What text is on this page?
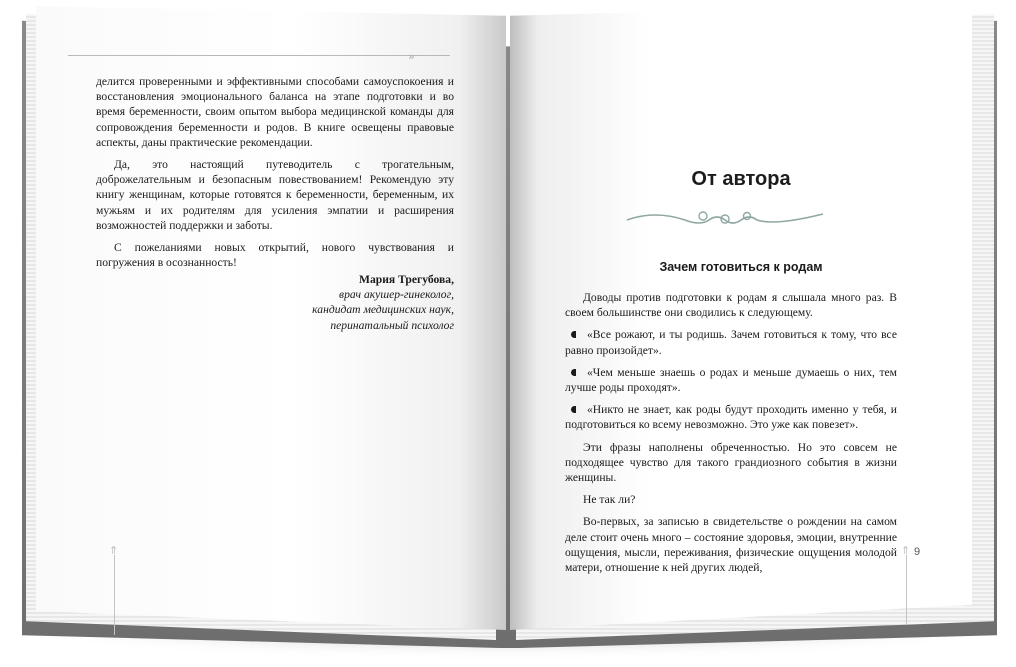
»
⇑

делится проверенными и эффективными способами самоуспокоения и восстановления эмоционального баланса на этапе подготовки и во время беременности, своим опытом выбора медицинской команды для сопровождения беременности и родов. В книге освещены правовые аспекты, даны практические рекомендации.

Да, это настоящий путеводитель с трогательным, доброжелательным и безопасным повествованием! Рекомендую эту книгу женщинам, которые готовятся к беременности, беременным, их мужьям и их родителям для усиления эмпатии и расширения возможностей поддержки и заботы.

С пожеланиями новых открытий, нового чувствования и погружения в осознанность!

Мария Трегубова,
врач акушер-гинеколог,
кандидат медицинских наук,
перинатальный психолог
От автора
Зачем готовиться к родам

Доводы против подготовки к родам я слышала много раз. В своем большинстве они сводились к следующему.

«Все рожают, и ты родишь. Зачем готовиться к тому, что все равно произойдет».

«Чем меньше знаешь о родах и меньше думаешь о них, тем лучше роды проходят».

«Никто не знает, как роды будут проходить именно у тебя, и подготовиться ко всему невозможно. Это уже как повезет».

Эти фразы наполнены обреченностью. Но это совсем не подходящее чувство для такого грандиозного события в жизни женщины.

Не так ли?

Во-первых, за записью в свидетельстве о рождении на самом деле стоит очень много – состояние здоровья, эмоции, внутренние ощущения, мысли, переживания, физические ощущения молодой матери, отношение к ней других людей,

⇑ 9
